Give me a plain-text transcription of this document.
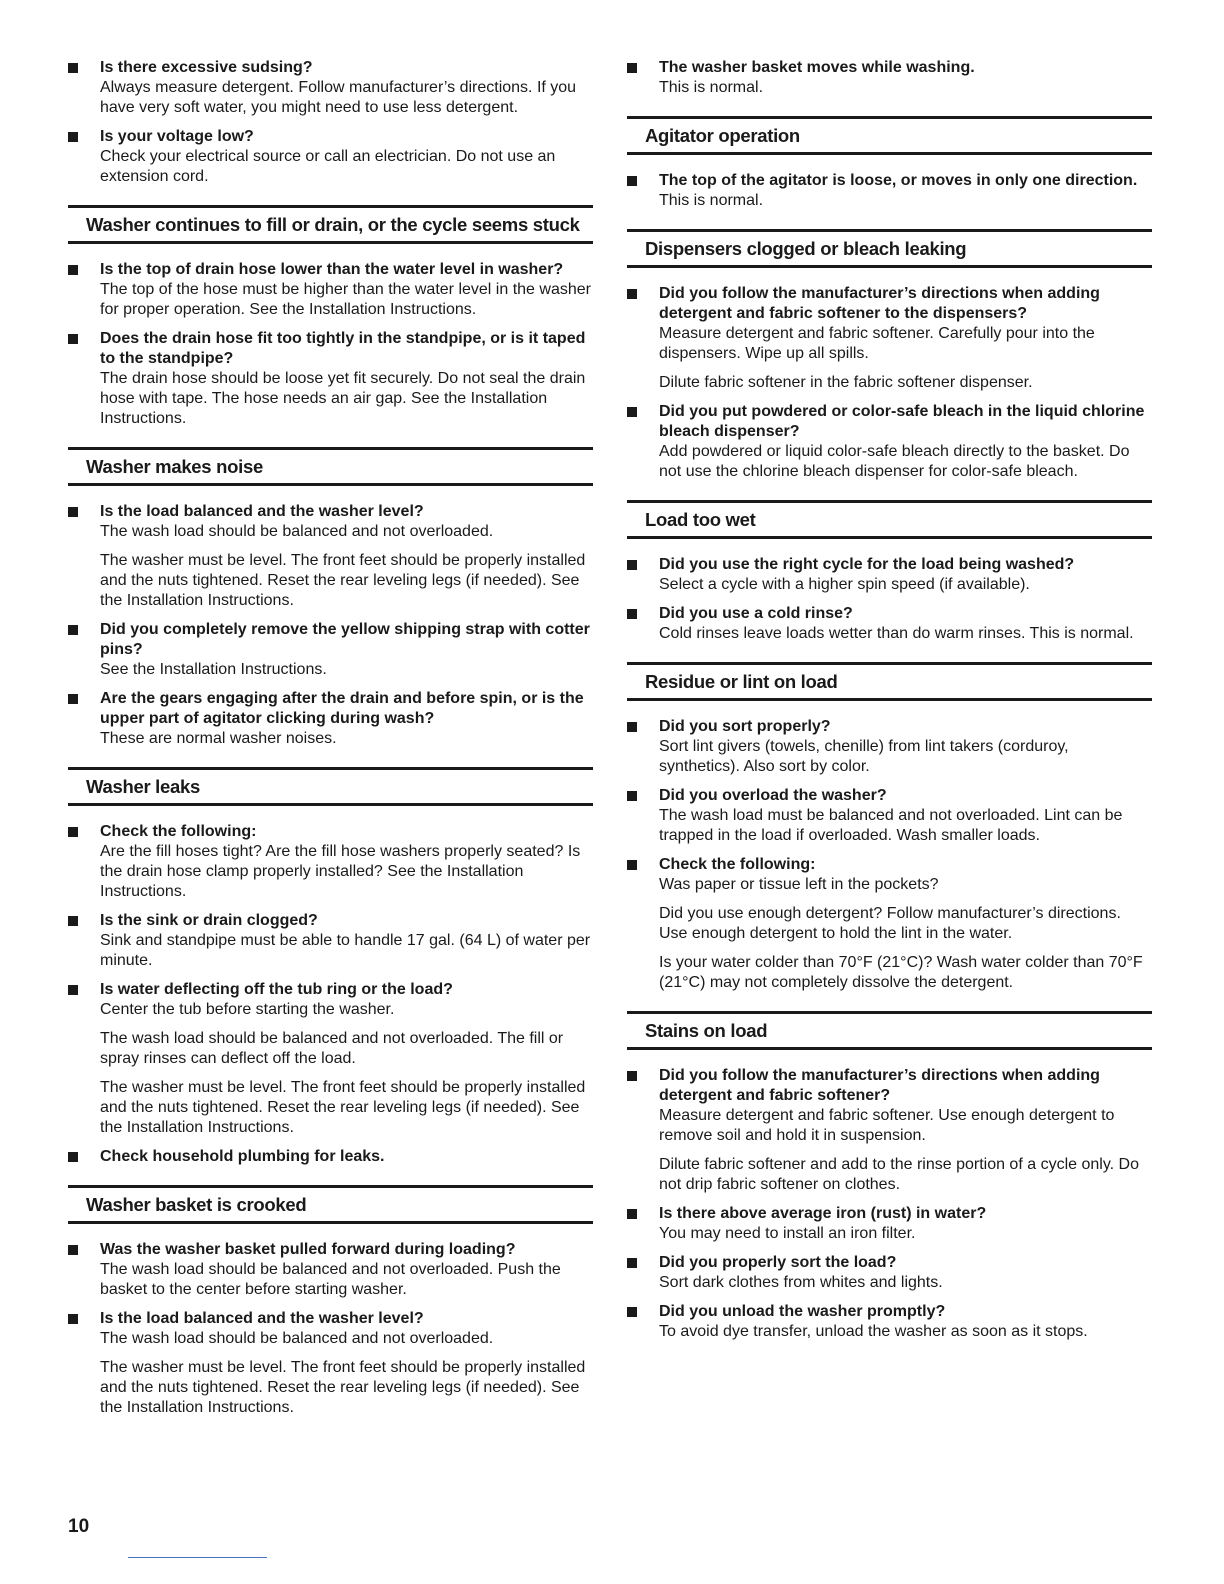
Is there excessive sudsing?
Always measure detergent. Follow manufacturer’s directions. If you have very soft water, you might need to use less detergent.
Is your voltage low?
Check your electrical source or call an electrician. Do not use an extension cord.
Washer continues to fill or drain, or the cycle seems stuck
Is the top of drain hose lower than the water level in washer?
The top of the hose must be higher than the water level in the washer for proper operation. See the Installation Instructions.
Does the drain hose fit too tightly in the standpipe, or is it taped to the standpipe?
The drain hose should be loose yet fit securely. Do not seal the drain hose with tape. The hose needs an air gap. See the Installation Instructions.
Washer makes noise
Is the load balanced and the washer level?
The wash load should be balanced and not overloaded.
The washer must be level. The front feet should be properly installed and the nuts tightened. Reset the rear leveling legs (if needed). See the Installation Instructions.
Did you completely remove the yellow shipping strap with cotter pins?
See the Installation Instructions.
Are the gears engaging after the drain and before spin, or is the upper part of agitator clicking during wash?
These are normal washer noises.
Washer leaks
Check the following:
Are the fill hoses tight? Are the fill hose washers properly seated? Is the drain hose clamp properly installed? See the Installation Instructions.
Is the sink or drain clogged?
Sink and standpipe must be able to handle 17 gal. (64 L) of water per minute.
Is water deflecting off the tub ring or the load?
Center the tub before starting the washer.
The wash load should be balanced and not overloaded. The fill or spray rinses can deflect off the load.
The washer must be level. The front feet should be properly installed and the nuts tightened. Reset the rear leveling legs (if needed). See the Installation Instructions.
Check household plumbing for leaks.
Washer basket is crooked
Was the washer basket pulled forward during loading?
The wash load should be balanced and not overloaded. Push the basket to the center before starting washer.
Is the load balanced and the washer level?
The wash load should be balanced and not overloaded.
The washer must be level. The front feet should be properly installed and the nuts tightened. Reset the rear leveling legs (if needed). See the Installation Instructions.
The washer basket moves while washing.
This is normal.
Agitator operation
The top of the agitator is loose, or moves in only one direction.
This is normal.
Dispensers clogged or bleach leaking
Did you follow the manufacturer’s directions when adding detergent and fabric softener to the dispensers?
Measure detergent and fabric softener. Carefully pour into the dispensers. Wipe up all spills.
Dilute fabric softener in the fabric softener dispenser.
Did you put powdered or color-safe bleach in the liquid chlorine bleach dispenser?
Add powdered or liquid color-safe bleach directly to the basket. Do not use the chlorine bleach dispenser for color-safe bleach.
Load too wet
Did you use the right cycle for the load being washed?
Select a cycle with a higher spin speed (if available).
Did you use a cold rinse?
Cold rinses leave loads wetter than do warm rinses. This is normal.
Residue or lint on load
Did you sort properly?
Sort lint givers (towels, chenille) from lint takers (corduroy, synthetics). Also sort by color.
Did you overload the washer?
The wash load must be balanced and not overloaded. Lint can be trapped in the load if overloaded. Wash smaller loads.
Check the following:
Was paper or tissue left in the pockets?
Did you use enough detergent? Follow manufacturer’s directions. Use enough detergent to hold the lint in the water.
Is your water colder than 70°F (21°C)? Wash water colder than 70°F (21°C) may not completely dissolve the detergent.
Stains on load
Did you follow the manufacturer’s directions when adding detergent and fabric softener?
Measure detergent and fabric softener. Use enough detergent to remove soil and hold it in suspension.
Dilute fabric softener and add to the rinse portion of a cycle only. Do not drip fabric softener on clothes.
Is there above average iron (rust) in water?
You may need to install an iron filter.
Did you properly sort the load?
Sort dark clothes from whites and lights.
Did you unload the washer promptly?
To avoid dye transfer, unload the washer as soon as it stops.
10
